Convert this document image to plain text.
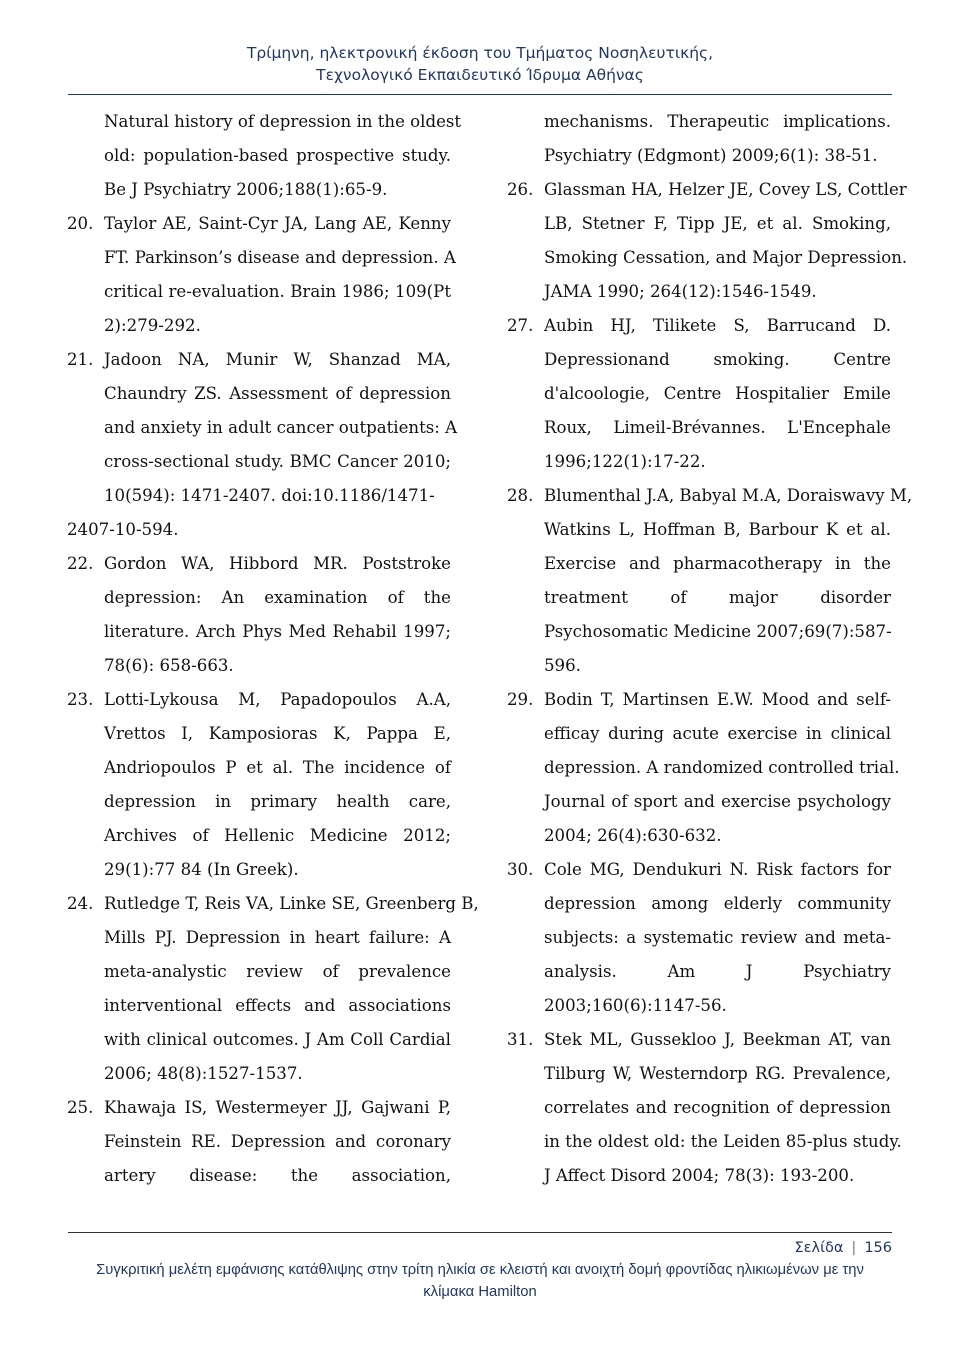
Τρίμηνη, ηλεκτρονική έκδοση του Τμήματος Νοσηλευτικής,
Τεχνολογικό Εκπαιδευτικό Ίδρυμα Αθήνας
Natural history of depression in the oldest
old: population-based prospective study.
Be J Psychiatry 2006;188(1):65-9.
20. Taylor AE, Saint-Cyr JA, Lang AE, Kenny
FT. Parkinson’s disease and depression. A
critical re-evaluation. Brain 1986; 109(Pt
2):279-292.
21. Jadoon NA, Munir W, Shanzad MA,
Chaundry ZS. Assessment of depression
and anxiety in adult cancer outpatients: A
cross-sectional study. BMC Cancer 2010;
10(594): 1471-2407. doi:10.1186/1471-
2407-10-594.
22. Gordon WA, Hibbord MR. Poststroke
depression: An examination of the
literature. Arch Phys Med Rehabil 1997;
78(6): 658-663.
23. Lotti-Lykousa M, Papadopoulos A.A,
Vrettos I, Kamposioras K, Pappa E,
Andriopoulos P et al. The incidence of
depression in primary health care,
Archives of Hellenic Medicine 2012;
29(1):77 84 (In Greek).
24. Rutledge T, Reis VA, Linke SE, Greenberg B,
Mills PJ. Depression in heart failure: A
meta-analystic review of prevalence
interventional effects and associations
with clinical outcomes. J Am Coll Cardial
2006; 48(8):1527-1537.
25. Khawaja IS, Westermeyer JJ, Gajwani P,
Feinstein RE. Depression and coronary
artery disease: the association,
mechanisms. Therapeutic implications.
Psychiatry (Edgmont) 2009;6(1): 38-51.
26. Glassman HA, Helzer JE, Covey LS, Cottler
LB, Stetner F, Tipp JE, et al. Smoking,
Smoking Cessation, and Major Depression.
JAMA 1990; 264(12):1546-1549.
27. Aubin HJ, Tilikete S, Barrucand D.
Depressionand smoking. Centre
d'alcoologie, Centre Hospitalier Emile
Roux, Limeil-Brévannes. L'Encephale
1996;122(1):17-22.
28. Blumenthal J.A, Babyal M.A, Doraiswavy M,
Watkins L, Hoffman B, Barbour K et al.
Exercise and pharmacotherapy in the
treatment of major disorder
Psychosomatic Medicine 2007;69(7):587-
596.
29. Bodin T, Martinsen E.W. Mood and self-
efficay during acute exercise in clinical
depression. A randomized controlled trial.
Journal of sport and exercise psychology
2004; 26(4):630-632.
30. Cole MG, Dendukuri N. Risk factors for
depression among elderly community
subjects: a systematic review and meta-
analysis. Am J Psychiatry
2003;160(6):1147-56.
31. Stek ML, Gussekloo J, Beekman AT, van
Tilburg W, Westerndorp RG. Prevalence,
correlates and recognition of depression
in the oldest old: the Leiden 85-plus study.
J Affect Disord 2004; 78(3): 193-200.
Σελίδα | 156
Συγκριτική μελέτη εμφάνισης κατάθλιψης στην τρίτη ηλικία σε κλειστή και ανοιχτή δομή φροντίδας ηλικιωμένων με την
κλίμακα Hamilton
